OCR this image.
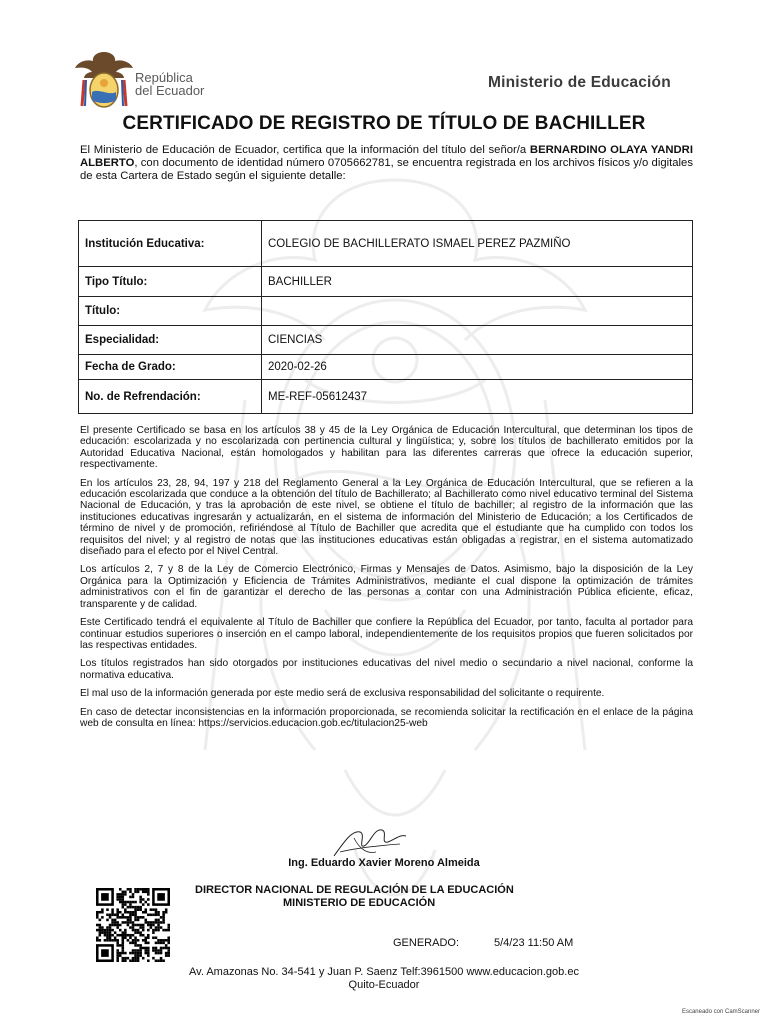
República
del Ecuador	Ministerio de Educación
CERTIFICADO DE REGISTRO DE TÍTULO DE BACHILLER
El Ministerio de Educación de Ecuador, certifica que la información del título del señor/a BERNARDINO OLAYA YANDRI ALBERTO, con documento de identidad número 0705662781, se encuentra registrada en los archivos físicos y/o digitales de esta Cartera de Estado según el siguiente detalle:
Institución Educativa:	COLEGIO DE BACHILLERATO ISMAEL PEREZ PAZMIÑO
Tipo Título:	BACHILLER
Título:	
Especialidad:	CIENCIAS
Fecha de Grado:	2020-02-26
No. de Refrendación:	ME-REF-05612437

El presente Certificado se basa en los artículos 38 y 45 de la Ley Orgánica de Educación Intercultural, que determinan los tipos de educación: escolarizada y no escolarizada con pertinencia cultural y lingüística; y, sobre los títulos de bachillerato emitidos por la Autoridad Educativa Nacional, están homologados y habilitan para las diferentes carreras que ofrece la educación superior, respectivamente.

En los artículos 23, 28, 94, 197 y 218 del Reglamento General a la Ley Orgánica de Educación Intercultural, que se refieren a la educación escolarizada que conduce a la obtención del título de Bachillerato; al Bachillerato como nivel educativo terminal del Sistema Nacional de Educación, y tras la aprobación de este nivel, se obtiene el título de bachiller; al registro de la información que las instituciones educativas ingresarán y actualizarán, en el sistema de información del Ministerio de Educación; a los Certificados de término de nivel y de promoción, refiriéndose al Título de Bachiller que acredita que el estudiante que ha cumplido con todos los requisitos del nivel; y al registro de notas que las instituciones educativas están obligadas a registrar, en el sistema automatizado diseñado para el efecto por el Nivel Central.

Los artículos 2, 7 y 8 de la Ley de Comercio Electrónico, Firmas y Mensajes de Datos. Asimismo, bajo la disposición de la Ley Orgánica para la Optimización y Eficiencia de Trámites Administrativos, mediante el cual dispone la optimización de trámites administrativos con el fin de garantizar el derecho de las personas a contar con una Administración Pública eficiente, eficaz, transparente y de calidad.

Este Certificado tendrá el equivalente al Título de Bachiller que confiere la República del Ecuador, por tanto, faculta al portador para continuar estudios superiores o inserción en el campo laboral, independientemente de los requisitos propios que fueren solicitados por las respectivas entidades.

Los títulos registrados han sido otorgados por instituciones educativas del nivel medio o secundario a nivel nacional, conforme la normativa educativa.

El mal uso de la información generada por este medio será de exclusiva responsabilidad del solicitante o requirente.

En caso de detectar inconsistencias en la información proporcionada, se recomienda solicitar la rectificación en el enlace de la página web de consulta en línea: https://servicios.educacion.gob.ec/titulacion25-web

Ing. Eduardo Xavier Moreno Almeida
DIRECTOR NACIONAL DE REGULACIÓN DE LA EDUCACIÓN
MINISTERIO DE EDUCACIÓN
GENERADO:	5/4/23 11:50 AM
Av. Amazonas No. 34-541 y Juan P. Saenz Telf:3961500 www.educacion.gob.ec
Quito-Ecuador
Escaneado con CamScanner
